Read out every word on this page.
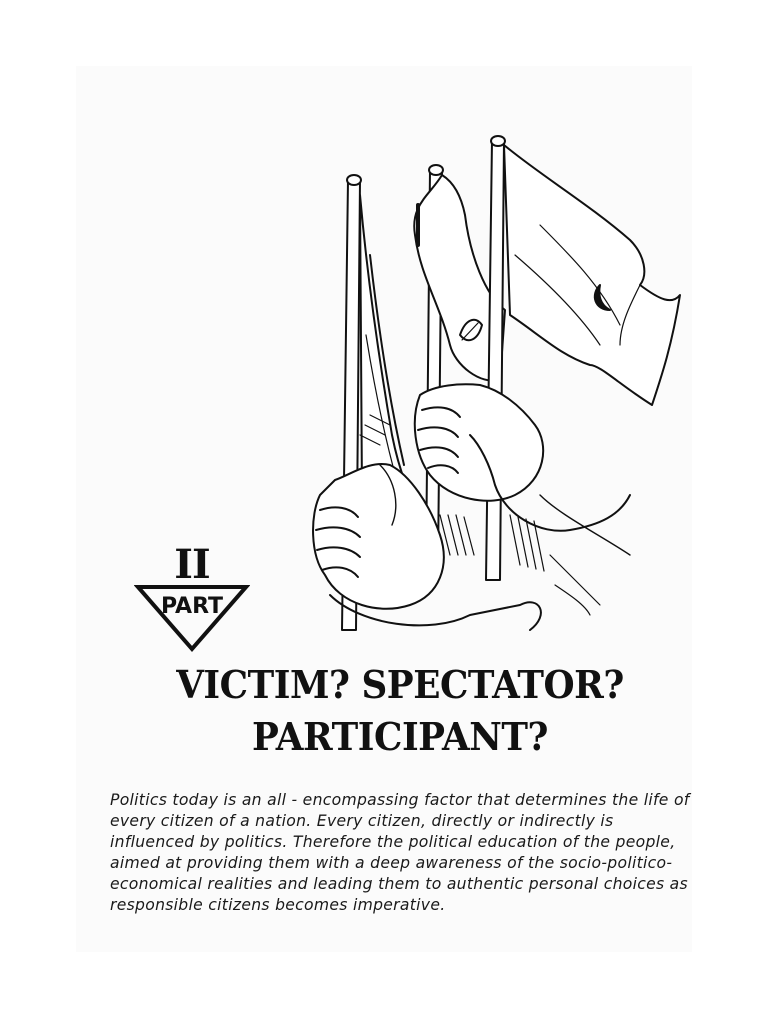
II
PART
VICTIM? SPECTATOR?
PARTICIPANT?
Politics today is an all - encompassing factor that determines the life of every citizen of a nation. Every citizen, directly or indirectly is influenced by politics. Therefore the political education of the people, aimed at providing them with a deep awareness of the socio-politico-economical realities and leading them to authentic personal choices as responsible citizens becomes imperative.
